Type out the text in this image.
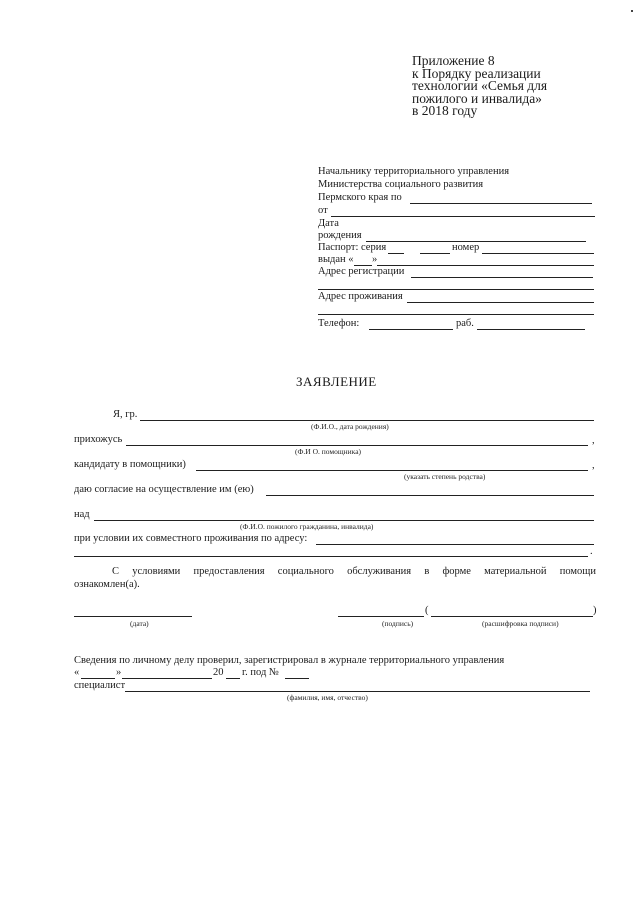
Приложение 8
к Порядку реализации
технологии «Семья для
пожилого и инвалида»
в 2018 году
Начальнику территориального управления
Министерства социального развития
Пермского края по
от
Дата
рождения
Паспорт: серия	номер
выдан « »
Адрес регистрации
Адрес проживания
Телефон:	раб.
ЗАЯВЛЕНИЕ
Я, гр.
(Ф.И.О., дата рождения)
прихожусь	,
(Ф.И О. помощника)
кандидату в помощники)	,
(указать степень родства)
даю согласие на осуществление им (ею)
над
(Ф.И.О. пожилого гражданина, инвалида)
при условии их совместного проживания по адресу:
.
С условиями предоставления социального обслуживания в форме материальной помощи
ознакомлен(а).
(дата)
(	)
(подпись)	(расшифровка подписи)
Сведения по личному делу проверил, зарегистрировал в журнале территориального управления
«	»	20 г. под №
специалист
(фамилия, имя, отчество)
